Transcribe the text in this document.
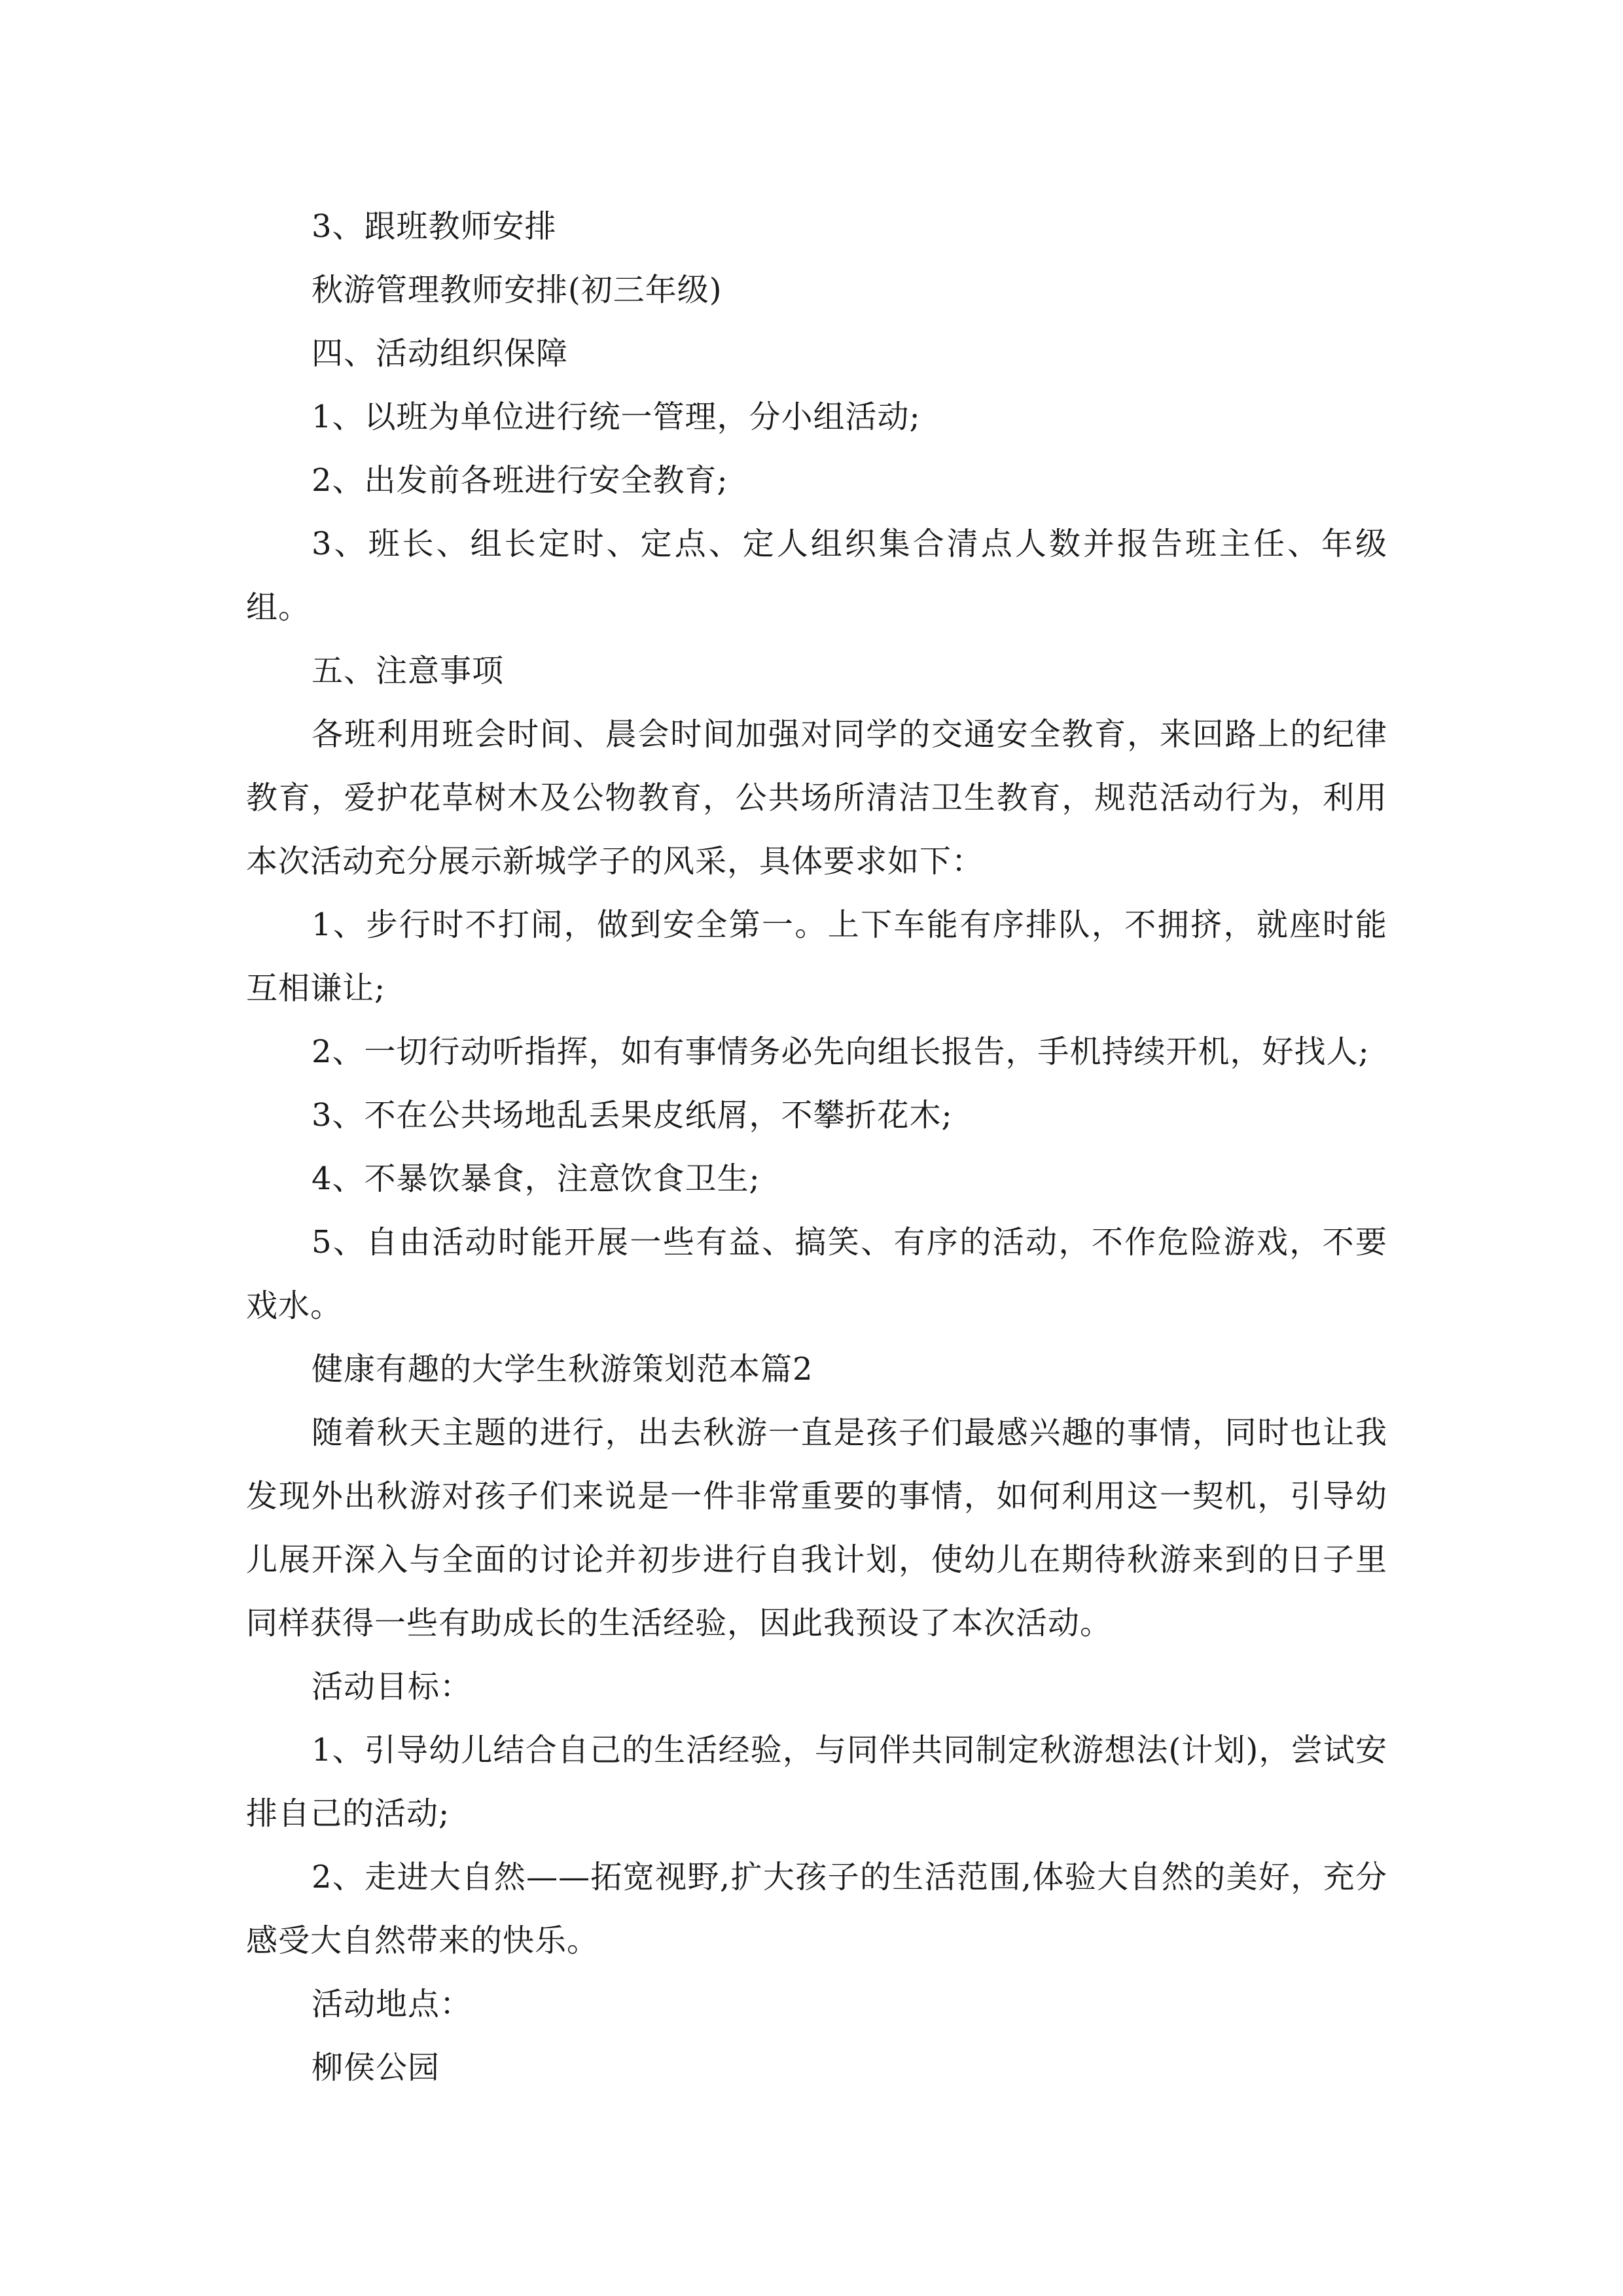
3、跟班教师安排

秋游管理教师安排(初三年级)

四、活动组织保障

1、以班为单位进行统一管理，分小组活动;

2、出发前各班进行安全教育;

3、班长、组长定时、定点、定人组织集合清点人数并报告班主任、年级组。

五、注意事项

各班利用班会时间、晨会时间加强对同学的交通安全教育，来回路上的纪律教育，爱护花草树木及公物教育，公共场所清洁卫生教育，规范活动行为，利用本次活动充分展示新城学子的风采，具体要求如下：

1、步行时不打闹，做到安全第一。上下车能有序排队，不拥挤，就座时能互相谦让;

2、一切行动听指挥，如有事情务必先向组长报告，手机持续开机，好找人;

3、不在公共场地乱丢果皮纸屑，不攀折花木;

4、不暴饮暴食，注意饮食卫生;

5、自由活动时能开展一些有益、搞笑、有序的活动，不作危险游戏，不要戏水。

健康有趣的大学生秋游策划范本篇2

随着秋天主题的进行，出去秋游一直是孩子们最感兴趣的事情，同时也让我发现外出秋游对孩子们来说是一件非常重要的事情，如何利用这一契机，引导幼儿展开深入与全面的讨论并初步进行自我计划，使幼儿在期待秋游来到的日子里同样获得一些有助成长的生活经验，因此我预设了本次活动。

活动目标：

1、引导幼儿结合自己的生活经验，与同伴共同制定秋游想法(计划)，尝试安排自己的活动;

2、走进大自然——拓宽视野,扩大孩子的生活范围,体验大自然的美好，充分感受大自然带来的快乐。

活动地点：

柳侯公园
